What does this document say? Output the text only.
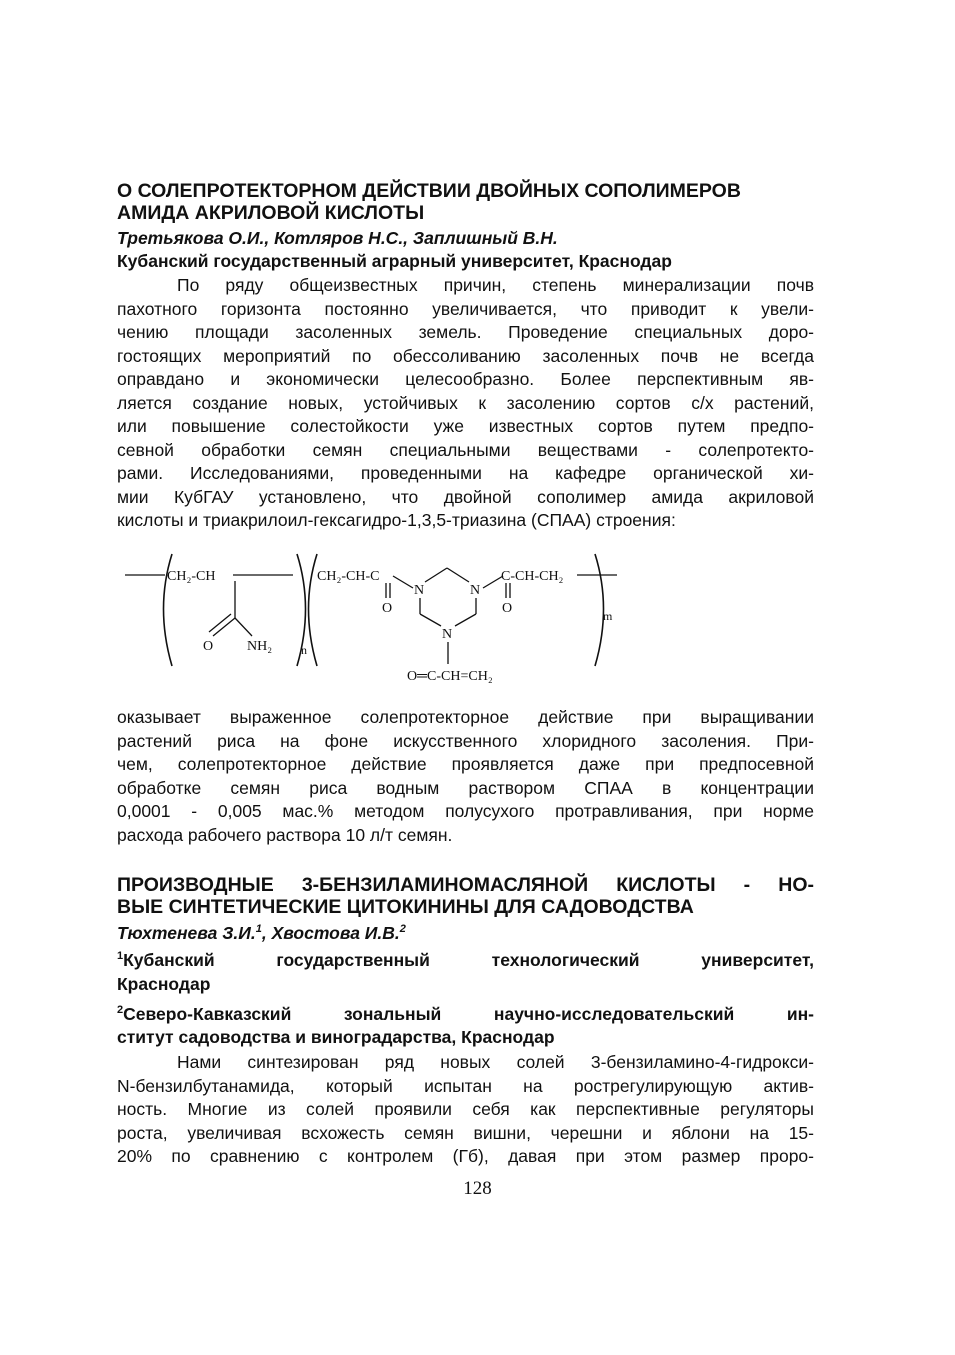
О СОЛЕПРОТЕКТОРНОМ ДЕЙСТВИИ ДВОЙНЫХ СОПОЛИМЕРОВ
АМИДА АКРИЛОВОЙ КИСЛОТЫ

Третьякова О.И., Котляров Н.С., Заплишный В.Н.

Кубанский государственный аграрный университет, Краснодар

По ряду общеизвестных причин, степень минерализации почв
пахотного горизонта постоянно увеличивается, что приводит к увели-
чению площади засоленных земель. Проведение специальных доро-
гостоящих мероприятий по обессоливанию засоленных почв не всегда
оправдано и экономически целесообразно. Более перспективным яв-
ляется создание новых, устойчивых к засолению сортов с/х растений,
или повышение солестойкости уже известных сортов путем предпо-
севной обработки семян специальными веществами - солепротекто-
рами. Исследованиями, проведенными на кафедре органической хи-
мии КубГАУ установлено, что двойной сополимер амида акриловой
кислоты и триакрилоил-гексагидро-1,3,5-триазина (СПАА) строения:

CH₂-CH
O NH₂ n
CH₂-CH-C
O
N	N
N
C-CH-CH₂
O	m
O═C-CH=CH₂

оказывает выраженное солепротекторное действие при выращивании
растений риса на фоне искусственного хлоридного засоления. При-
чем, солепротекторное действие проявляется даже при предпосевной
обработке семян риса водным раствором СПАА в концентрации
0,0001 - 0,005 мас.% методом полусухого протравливания, при норме
расхода рабочего раствора 10 л/т семян.

ПРОИЗВОДНЫЕ 3-БЕНЗИЛАМИНОМАСЛЯНОЙ КИСЛОТЫ - НО-
ВЫЕ СИНТЕТИЧЕСКИЕ ЦИТОКИНИНЫ ДЛЯ САДОВОДСТВА

Тюхтенева З.И.$^1$, Хвостова И.В.$^2$

$^1$Кубанский государственный технологический университет,
Краснодар

$^2$Северо-Кавказский зональный научно-исследовательский ин-
ститут садоводства и виноградарства, Краснодар

Нами синтезирован ряд новых солей 3-бензиламино-4-гидрокси-
N-бензилбутанамида, который испытан на рострегулирующую актив-
ность. Многие из солей проявили себя как перспективные регуляторы
роста, увеличивая всхожесть семян вишни, черешни и яблони на 15-
20% по сравнению с контролем (Гб), давая при этом размер проро-

128
